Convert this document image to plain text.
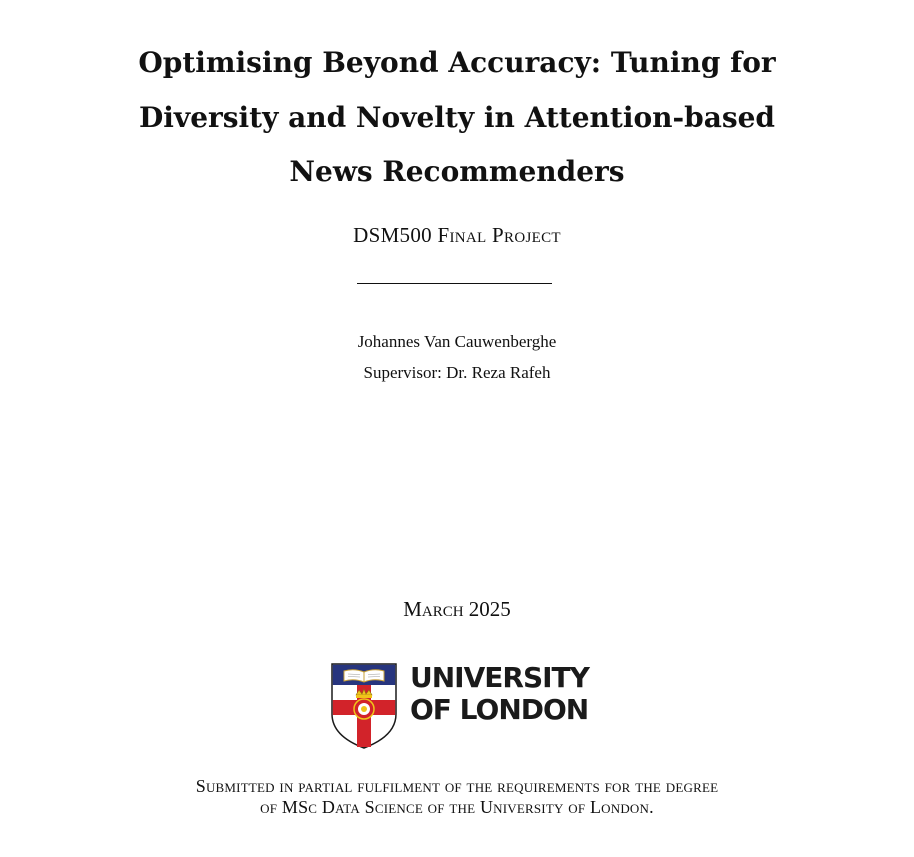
Optimising Beyond Accuracy: Tuning for
Diversity and Novelty in Attention-based
News Recommenders
DSM500 Final Project
Johannes Van Cauwenberghe
Supervisor: Dr. Reza Rafeh
March 2025
UNIVERSITY
OF LONDON
Submitted in partial fulfilment of the requirements for the degree
of MSc Data Science of the University of London.
